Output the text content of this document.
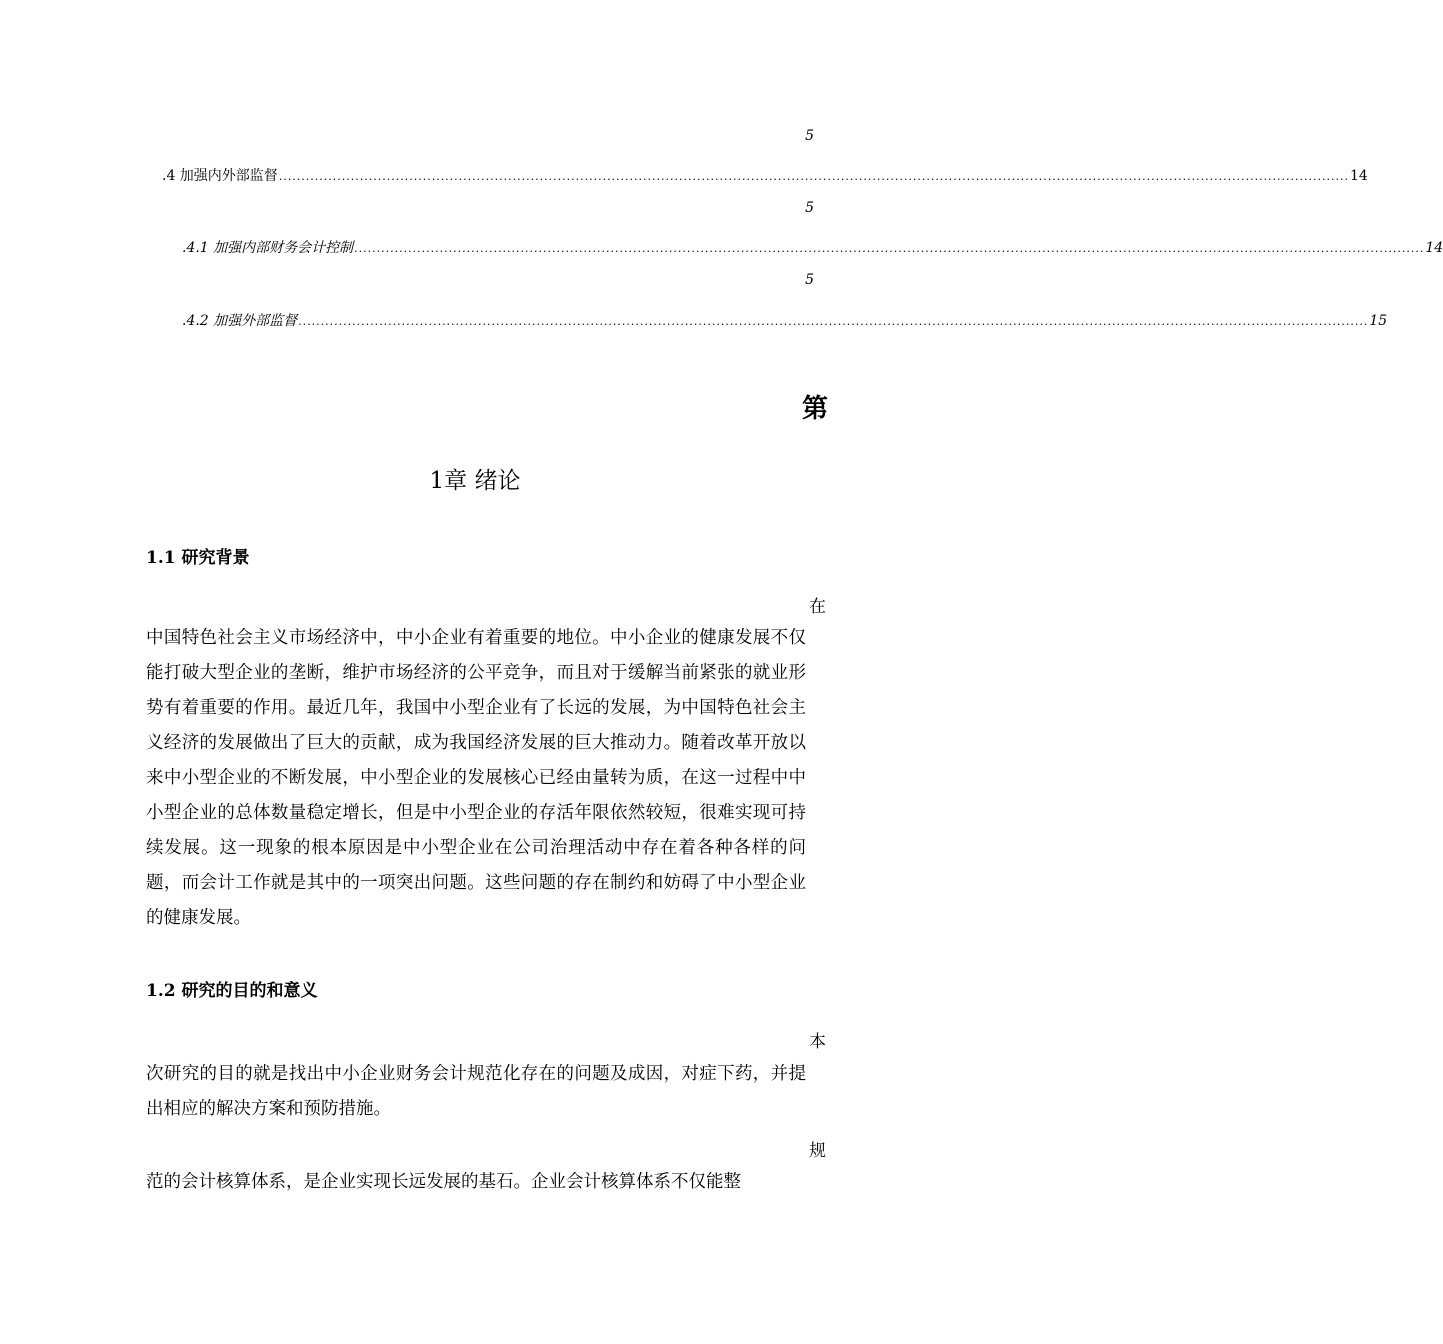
5
.4 加强内外部监督 .............................................................................................................................................................................................................................................. 14
5
.4.1 加强内部财务会计控制 .............................................................................................................................................................................................................................................. 14
5
.4.2 加强外部监督 .............................................................................................................................................................................................................................................. 15
第
1章 绪论
1.1 研究背景
在
中国特色社会主义市场经济中，中小企业有着重要的地位。中小企业的健康发展不仅能打破大型企业的垄断，维护市场经济的公平竞争，而且对于缓解当前紧张的就业形势有着重要的作用。最近几年，我国中小型企业有了长远的发展，为中国特色社会主义经济的发展做出了巨大的贡献，成为我国经济发展的巨大推动力。随着改革开放以来中小型企业的不断发展，中小型企业的发展核心已经由量转为质，在这一过程中中小型企业的总体数量稳定增长，但是中小型企业的存活年限依然较短，很难实现可持续发展。这一现象的根本原因是中小型企业在公司治理活动中存在着各种各样的问题，而会计工作就是其中的一项突出问题。这些问题的存在制约和妨碍了中小型企业的健康发展。
1.2 研究的目的和意义
本
次研究的目的就是找出中小企业财务会计规范化存在的问题及成因，对症下药，并提出相应的解决方案和预防措施。
规
范的会计核算体系，是企业实现长远发展的基石。企业会计核算体系不仅能整
